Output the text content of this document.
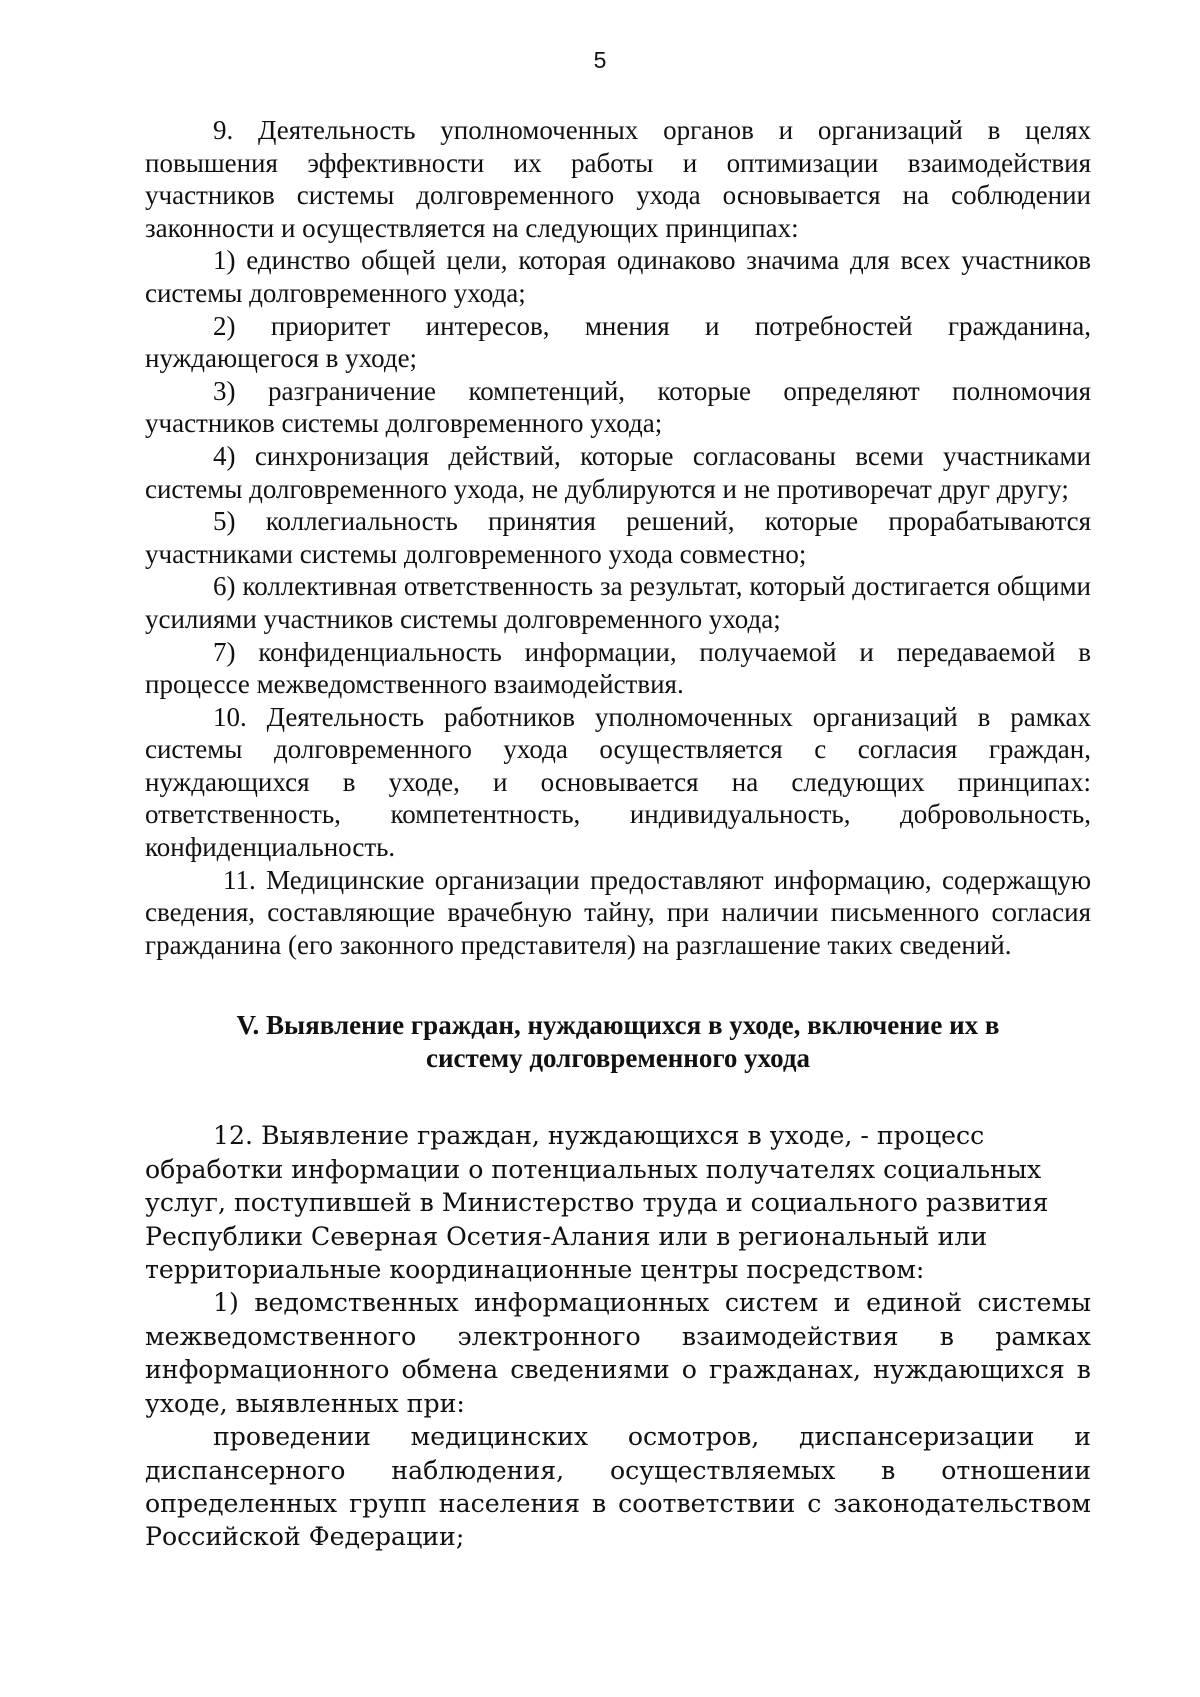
5

9. Деятельность уполномоченных органов и организаций в целях повышения эффективности их работы и оптимизации взаимодействия участников системы долговременного ухода основывается на соблюдении законности и осуществляется на следующих принципах:

1) единство общей цели, которая одинаково значима для всех участников системы долговременного ухода;

2) приоритет интересов, мнения и потребностей гражданина, нуждающегося в уходе;

3) разграничение компетенций, которые определяют полномочия участников системы долговременного ухода;

4) синхронизация действий, которые согласованы всеми участниками системы долговременного ухода, не дублируются и не противоречат друг другу;

5) коллегиальность принятия решений, которые прорабатываются участниками системы долговременного ухода совместно;

6) коллективная ответственность за результат, который достигается общими усилиями участников системы долговременного ухода;

7) конфиденциальность информации, получаемой и передаваемой в процессе межведомственного взаимодействия.

10. Деятельность работников уполномоченных организаций в рамках системы долговременного ухода осуществляется с согласия граждан, нуждающихся в уходе, и основывается на следующих принципах: ответственность, компетентность, индивидуальность, добровольность, конфиденциальность.

11. Медицинские организации предоставляют информацию, содержащую сведения, составляющие врачебную тайну, при наличии письменного согласия гражданина (его законного представителя) на разглашение таких сведений.

V. Выявление граждан, нуждающихся в уходе, включение их в
систему долговременного ухода

12. Выявление граждан, нуждающихся в уходе, - процесс обработки информации о потенциальных получателях социальных услуг, поступившей в Министерство труда и социального развития Республики Северная Осетия-Алания или в региональный или территориальные координационные центры посредством:

1) ведомственных информационных систем и единой системы межведомственного электронного взаимодействия в рамках информационного обмена сведениями о гражданах, нуждающихся в уходе, выявленных при:

проведении медицинских осмотров, диспансеризации и диспансерного наблюдения, осуществляемых в отношении определенных групп населения в соответствии с законодательством Российской Федерации;
